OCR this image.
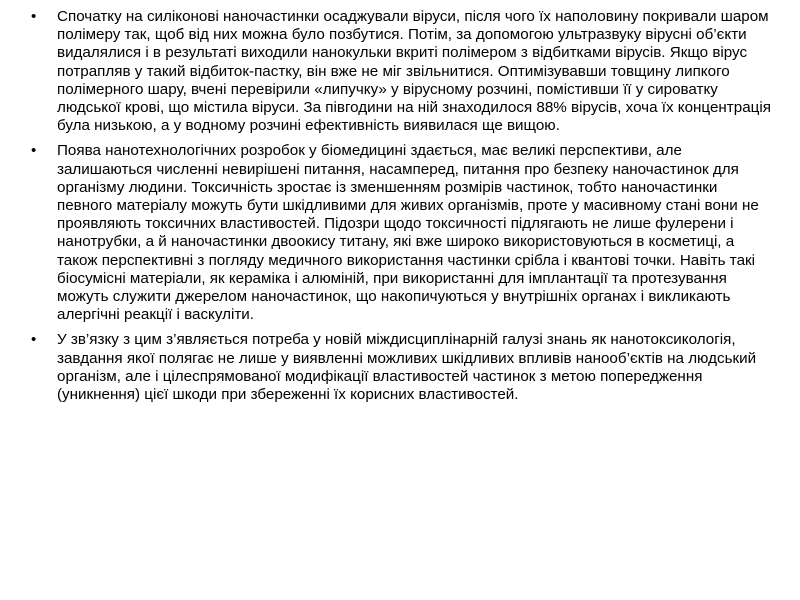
• Спочатку на силіконові наночастинки осаджували віруси, після чого їх наполовину покривали шаром полімеру так, щоб від них можна було позбутися. Потім, за допомогою ультразвуку вірусні об’єкти видалялися і в результаті виходили нанокульки вкриті полімером з відбитками вірусів. Якщо вірус потрапляв у такий відбиток-пастку, він вже не міг звільнитися. Оптимізувавши товщину липкого полімерного шару, вчені перевірили «липучку» у вірусному розчині, помістивши її у сироватку людської крові, що містила віруси. За півгодини на ній знаходилося 88% вірусів, хоча їх концентрація була низькою, а у водному розчині ефективність виявилася ще вищою.
• Поява нанотехнологічних розробок у біомедицині здається, має великі перспективи, але залишаються численні невирішені питання, насамперед, питання про безпеку наночастинок для організму людини. Токсичність зростає із зменшенням розмірів частинок, тобто наночастинки певного матеріалу можуть бути шкідливими для живих організмів, проте у масивному стані вони не проявляють токсичних властивостей. Підозри щодо токсичності підлягають не лише фулерени і нанотрубки, а й наночастинки двоокису титану, які вже широко використовуються в косметиці, а також перспективні з погляду медичного використання частинки срібла і квантові точки. Навіть такі біосумісні матеріали, як кераміка і алюміній, при використанні для імплантації та протезування можуть служити джерелом наночастинок, що накопичуються у внутрішніх органах і викликають алергічні реакції і васкуліти.
• У зв’язку з цим з’являється потреба у новій міждисциплінарній галузі знань як нанотоксикологія, завдання якої полягає не лише у виявленні можливих шкідливих впливів нанооб’єктів на людський організм, але і цілеспрямованої модифікації властивостей частинок з метою попередження (уникнення) цієї шкоди при збереженні їх корисних властивостей.
